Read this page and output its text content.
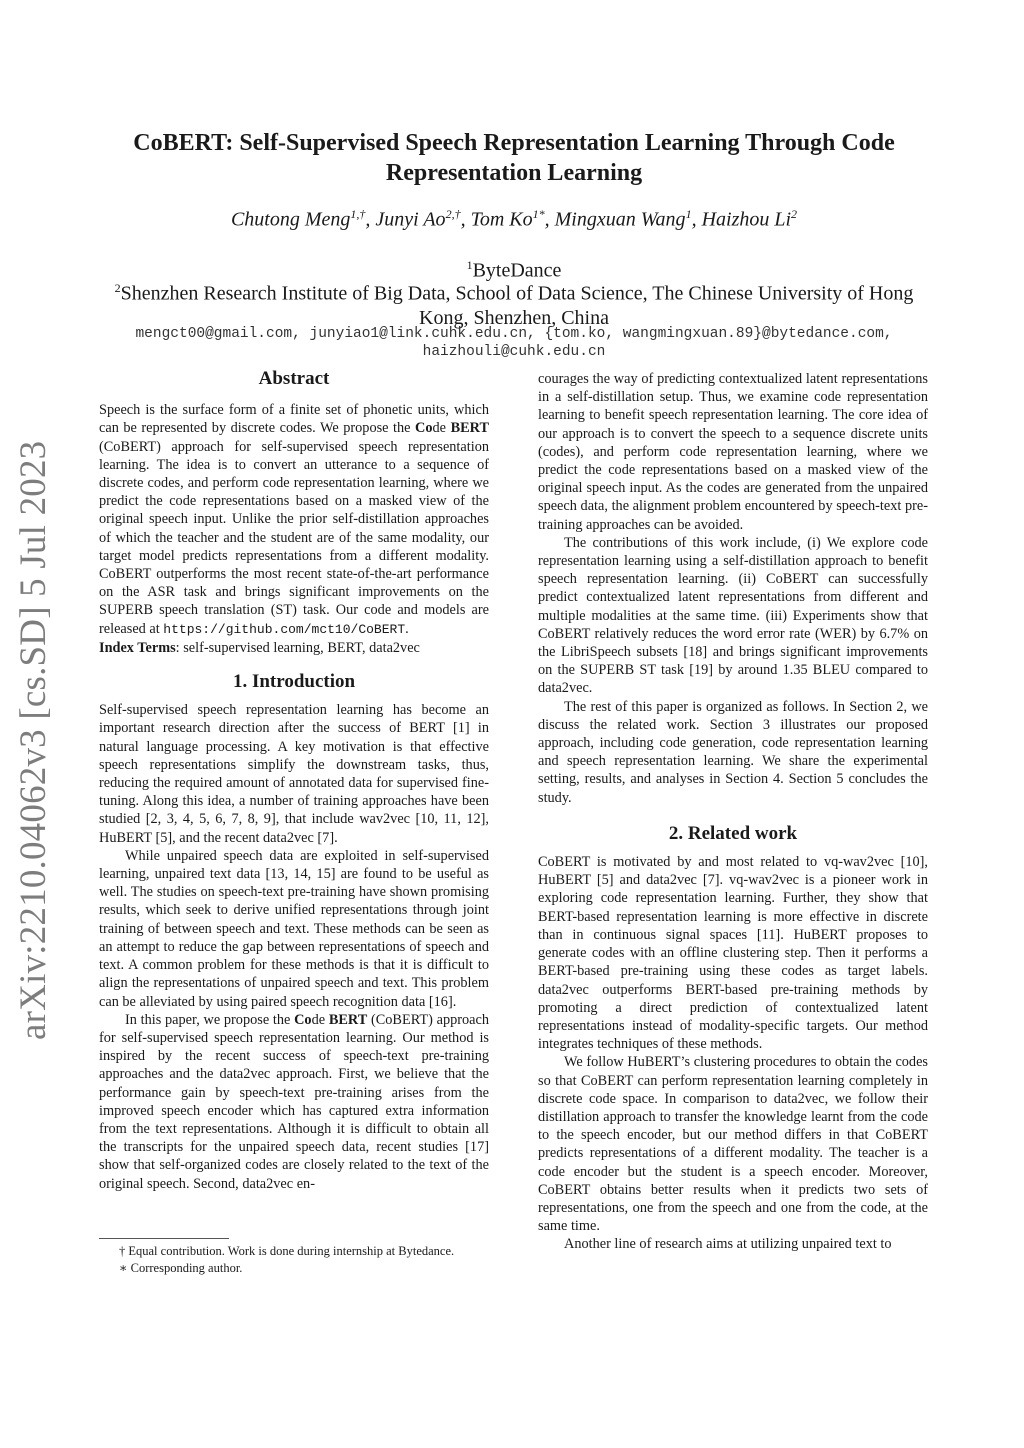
arXiv:2210.04062v3 [cs.SD] 5 Jul 2023
CoBERT: Self-Supervised Speech Representation Learning Through Code
Representation Learning
Chutong Meng$^{1,\dagger}$, Junyi $Ao^{2,\dagger}$, Tom $Ko^{1*}$, Mingxuan Wang$^1$, Haizhou Li$^2$
$^1$ByteDance
$^2$Shenzhen Research Institute of Big Data, School of Data Science, The Chinese University of Hong Kong, Shenzhen, China
mengct00@gmail.com, junyiao1@link.cuhk.edu.cn, {tom.ko, wangmingxuan.89}@bytedance.com,
haizhouli@cuhk.edu.cn
Abstract

Speech is the surface form of a finite set of phonetic units, which can be represented by discrete codes. We propose the Code BERT (CoBERT) approach for self-supervised speech representation learning. The idea is to convert an utterance to a sequence of discrete codes, and perform code representation learning, where we predict the code representations based on a masked view of the original speech input. Unlike the prior self-distillation approaches of which the teacher and the student are of the same modality, our target model predicts representations from a different modality. CoBERT outperforms the most recent state-of-the-art performance on the ASR task and brings significant improvements on the SUPERB speech translation (ST) task. Our code and models are released at https://github.com/mct10/CoBERT.

Index Terms: self-supervised learning, BERT, data2vec

1. Introduction

Self-supervised speech representation learning has become an important research direction after the success of BERT [1] in natural language processing. A key motivation is that effective speech representations simplify the downstream tasks, thus, reducing the required amount of annotated data for supervised fine-tuning. Along this idea, a number of training approaches have been studied [2, 3, 4, 5, 6, 7, 8, 9], that include wav2vec [10, 11, 12], HuBERT [5], and the recent data2vec [7].

While unpaired speech data are exploited in self-supervised learning, unpaired text data [13, 14, 15] are found to be useful as well. The studies on speech-text pre-training have shown promising results, which seek to derive unified representations through joint training of between speech and text. These methods can be seen as an attempt to reduce the gap between representations of speech and text. A common problem for these methods is that it is difficult to align the representations of unpaired speech and text. This problem can be alleviated by using paired speech recognition data [16].

In this paper, we propose the Code BERT (CoBERT) approach for self-supervised speech representation learning. Our method is inspired by the recent success of speech-text pre-training approaches and the data2vec approach. First, we believe that the performance gain by speech-text pre-training arises from the improved speech encoder which has captured extra information from the text representations. Although it is difficult to obtain all the transcripts for the unpaired speech data, recent studies [17] show that self-organized codes are closely related to the text of the original speech. Second, data2vec en-

courages the way of predicting contextualized latent representations in a self-distillation setup. Thus, we examine code representation learning to benefit speech representation learning. The core idea of our approach is to convert the speech to a sequence discrete units (codes), and perform code representation learning, where we predict the code representations based on a masked view of the original speech input. As the codes are generated from the unpaired speech data, the alignment problem encountered by speech-text pre-training approaches can be avoided.

The contributions of this work include, (i) We explore code representation learning using a self-distillation approach to benefit speech representation learning. (ii) CoBERT can successfully predict contextualized latent representations from different and multiple modalities at the same time. (iii) Experiments show that CoBERT relatively reduces the word error rate (WER) by 6.7% on the LibriSpeech subsets [18] and brings significant improvements on the SUPERB ST task [19] by around 1.35 BLEU compared to data2vec.

The rest of this paper is organized as follows. In Section 2, we discuss the related work. Section 3 illustrates our proposed approach, including code generation, code representation learning and speech representation learning. We share the experimental setting, results, and analyses in Section 4. Section 5 concludes the study.

2. Related work

CoBERT is motivated by and most related to vq-wav2vec [10], HuBERT [5] and data2vec [7]. vq-wav2vec is a pioneer work in exploring code representation learning. Further, they show that BERT-based representation learning is more effective in discrete than in continuous signal spaces [11]. HuBERT proposes to generate codes with an offline clustering step. Then it performs a BERT-based pre-training using these codes as target labels. data2vec outperforms BERT-based pre-training methods by promoting a direct prediction of contextualized latent representations instead of modality-specific targets. Our method integrates techniques of these methods.

We follow HuBERT’s clustering procedures to obtain the codes so that CoBERT can perform representation learning completely in discrete code space. In comparison to data2vec, we follow their distillation approach to transfer the knowledge learnt from the code to the speech encoder, but our method differs in that CoBERT predicts representations of a different modality. The teacher is a code encoder but the student is a speech encoder. Moreover, CoBERT obtains better results when it predicts two sets of representations, one from the speech and one from the code, at the same time.

Another line of research aims at utilizing unpaired text to

† Equal contribution. Work is done during internship at Bytedance.

∗ Corresponding author.
